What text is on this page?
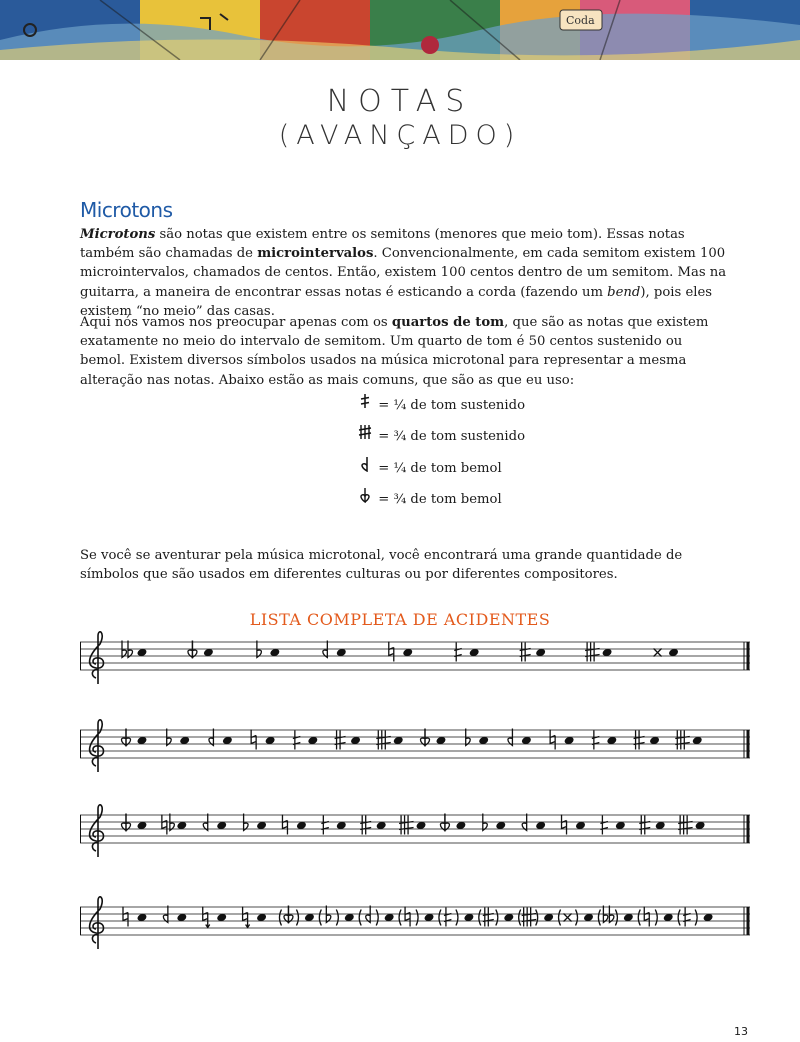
Coda
NOTAS
(AVANÇADO)
Microtons

Microtons são notas que existem entre os semitons (menores que meio tom). Essas notas também são chamadas de microintervalos. Convencionalmente, em cada semitom existem 100 microintervalos, chamados de centos. Então, existem 100 centos dentro de um semitom. Mas na guitarra, a maneira de encontrar essas notas é esticando a corda (fazendo um bend), pois eles existem “no meio” das casas.

Aqui nós vamos nos preocupar apenas com os quartos de tom, que são as notas que existem exatamente no meio do intervalo de semitom. Um quarto de tom é 50 centos sustenido ou bemol. Existem diversos símbolos usados na música microtonal para representar a mesma alteração nas notas. Abaixo estão as mais comuns, que são as que eu uso:

= ¼ de tom sustenido
= ¾ de tom sustenido
= ¼ de tom bemol
= ¾ de tom bemol

Se você se aventurar pela música microtonal, você encontrará uma grande quantidade de símbolos que são usados em diferentes culturas ou por diferentes compositores.

LISTA COMPLETA DE ACIDENTES
13
